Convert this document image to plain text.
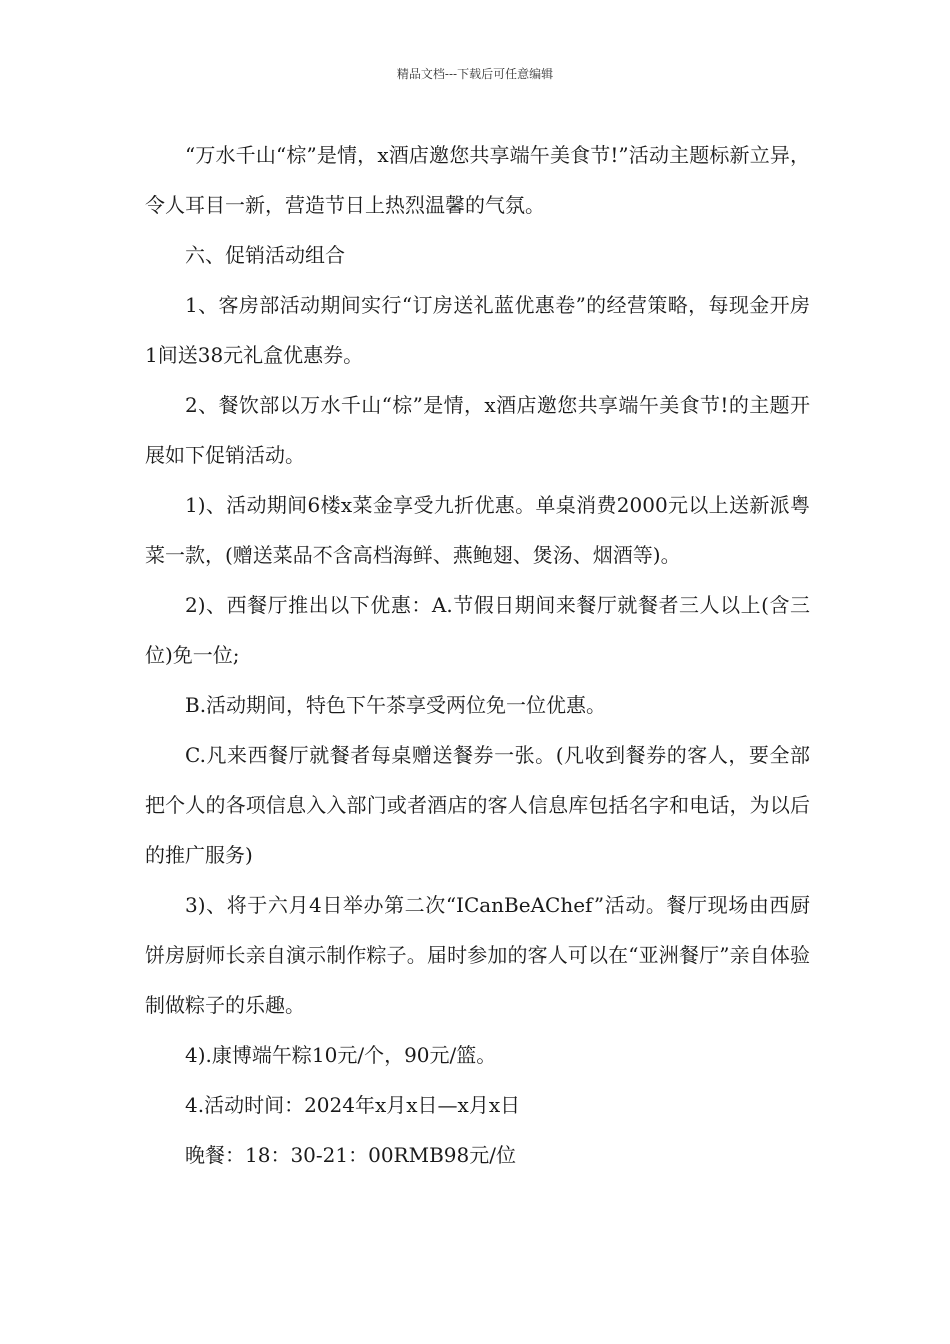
精品文档---下载后可任意编辑

“万水千山“棕”是情，x酒店邀您共享端午美食节!”活动主题标新立异，令人耳目一新，营造节日上热烈温馨的气氛。

六、促销活动组合

1、客房部活动期间实行“订房送礼蓝优惠卷”的经营策略，每现金开房1间送38元礼盒优惠券。

2、餐饮部以万水千山“棕”是情，x酒店邀您共享端午美食节!的主题开展如下促销活动。

1)、活动期间6楼x菜金享受九折优惠。单桌消费2000元以上送新派粤菜一款，(赠送菜品不含高档海鲜、燕鲍翅、煲汤、烟酒等)。

2)、西餐厅推出以下优惠：A.节假日期间来餐厅就餐者三人以上(含三位)免一位;

B.活动期间，特色下午茶享受两位免一位优惠。

C.凡来西餐厅就餐者每桌赠送餐券一张。(凡收到餐券的客人，要全部把个人的各项信息入入部门或者酒店的客人信息库包括名字和电话，为以后的推广服务)

3)、将于六月4日举办第二次“ICanBeAChef”活动。餐厅现场由西厨饼房厨师长亲自演示制作粽子。届时参加的客人可以在“亚洲餐厅”亲自体验制做粽子的乐趣。

4).康博端午粽10元/个，90元/篮。

4.活动时间：2024年x月x日—x月x日

晚餐：18：30-21：00RMB98元/位
